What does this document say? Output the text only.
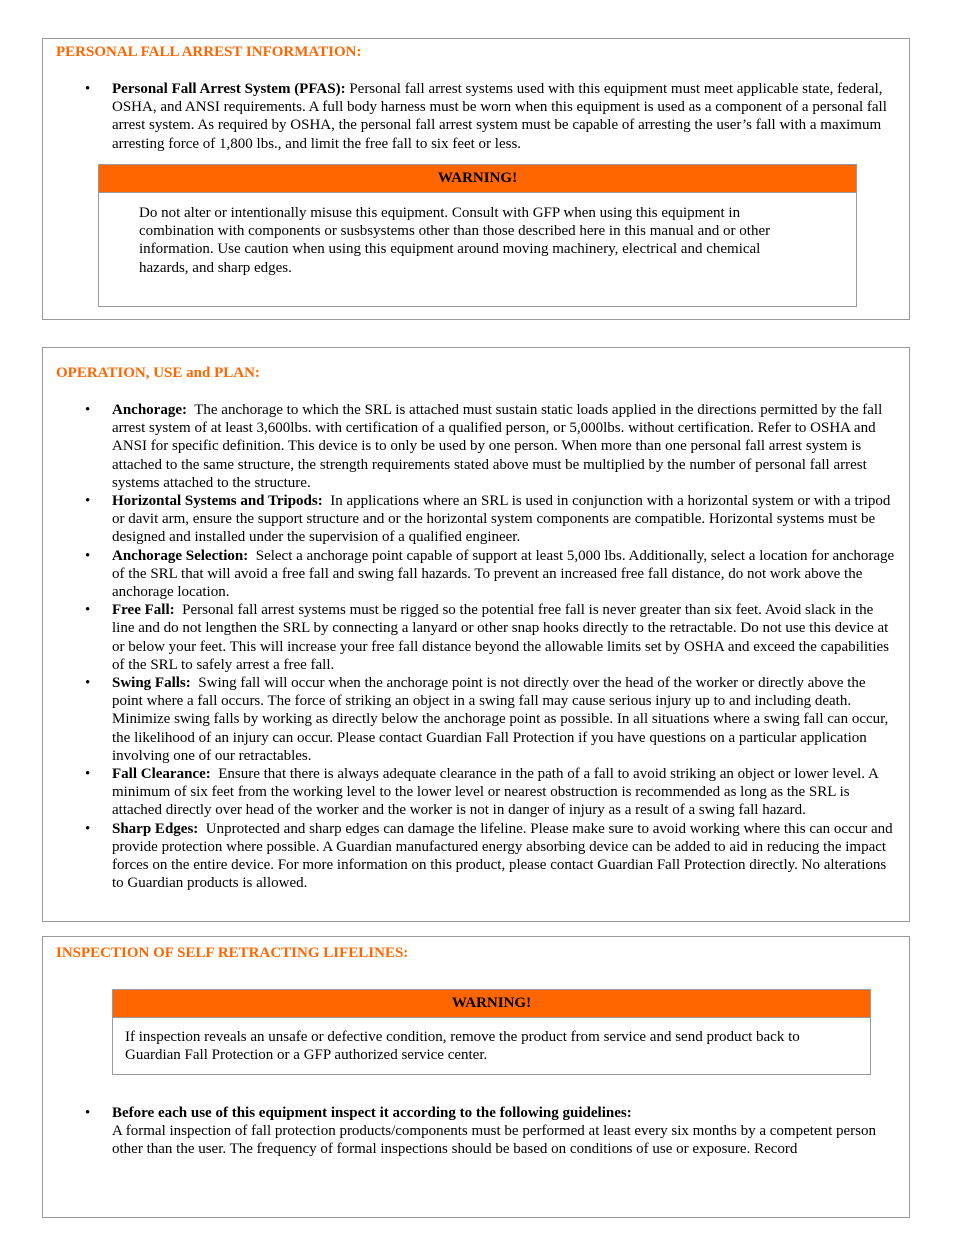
PERSONAL FALL ARREST INFORMATION:
• Personal Fall Arrest System (PFAS): Personal fall arrest systems used with this equipment must meet applicable state, federal, OSHA, and ANSI requirements. A full body harness must be worn when this equipment is used as a component of a personal fall arrest system. As required by OSHA, the personal fall arrest system must be capable of arresting the user’s fall with a maximum arresting force of 1,800 lbs., and limit the free fall to six feet or less.
WARNING!
Do not alter or intentionally misuse this equipment. Consult with GFP when using this equipment in combination with components or susbsystems other than those described here in this manual and or other information. Use caution when using this equipment around moving machinery, electrical and chemical hazards, and sharp edges.
OPERATION, USE and PLAN:
• Anchorage: The anchorage to which the SRL is attached must sustain static loads applied in the directions permitted by the fall arrest system of at least 3,600lbs. with certification of a qualified person, or 5,000lbs. without certification. Refer to OSHA and ANSI for specific definition. This device is to only be used by one person. When more than one personal fall arrest system is attached to the same structure, the strength requirements stated above must be multiplied by the number of personal fall arrest systems attached to the structure.
• Horizontal Systems and Tripods: In applications where an SRL is used in conjunction with a horizontal system or with a tripod or davit arm, ensure the support structure and or the horizontal system components are compatible. Horizontal systems must be designed and installed under the supervision of a qualified engineer.
• Anchorage Selection: Select a anchorage point capable of support at least 5,000 lbs. Additionally, select a location for anchorage of the SRL that will avoid a free fall and swing fall hazards. To prevent an increased free fall distance, do not work above the anchorage location.
• Free Fall: Personal fall arrest systems must be rigged so the potential free fall is never greater than six feet. Avoid slack in the line and do not lengthen the SRL by connecting a lanyard or other snap hooks directly to the retractable. Do not use this device at or below your feet. This will increase your free fall distance beyond the allowable limits set by OSHA and exceed the capabilities of the SRL to safely arrest a free fall.
• Swing Falls: Swing fall will occur when the anchorage point is not directly over the head of the worker or directly above the point where a fall occurs. The force of striking an object in a swing fall may cause serious injury up to and including death. Minimize swing falls by working as directly below the anchorage point as possible. In all situations where a swing fall can occur, the likelihood of an injury can occur. Please contact Guardian Fall Protection if you have questions on a particular application involving one of our retractables.
• Fall Clearance: Ensure that there is always adequate clearance in the path of a fall to avoid striking an object or lower level. A minimum of six feet from the working level to the lower level or nearest obstruction is recommended as long as the SRL is attached directly over head of the worker and the worker is not in danger of injury as a result of a swing fall hazard.
• Sharp Edges: Unprotected and sharp edges can damage the lifeline. Please make sure to avoid working where this can occur and provide protection where possible. A Guardian manufactured energy absorbing device can be added to aid in reducing the impact forces on the entire device. For more information on this product, please contact Guardian Fall Protection directly. No alterations to Guardian products is allowed.
INSPECTION OF SELF RETRACTING LIFELINES:
WARNING!
If inspection reveals an unsafe or defective condition, remove the product from service and send product back to Guardian Fall Protection or a GFP authorized service center.
• Before each use of this equipment inspect it according to the following guidelines:
A formal inspection of fall protection products/components must be performed at least every six months by a competent person other than the user. The frequency of formal inspections should be based on conditions of use or exposure. Record
